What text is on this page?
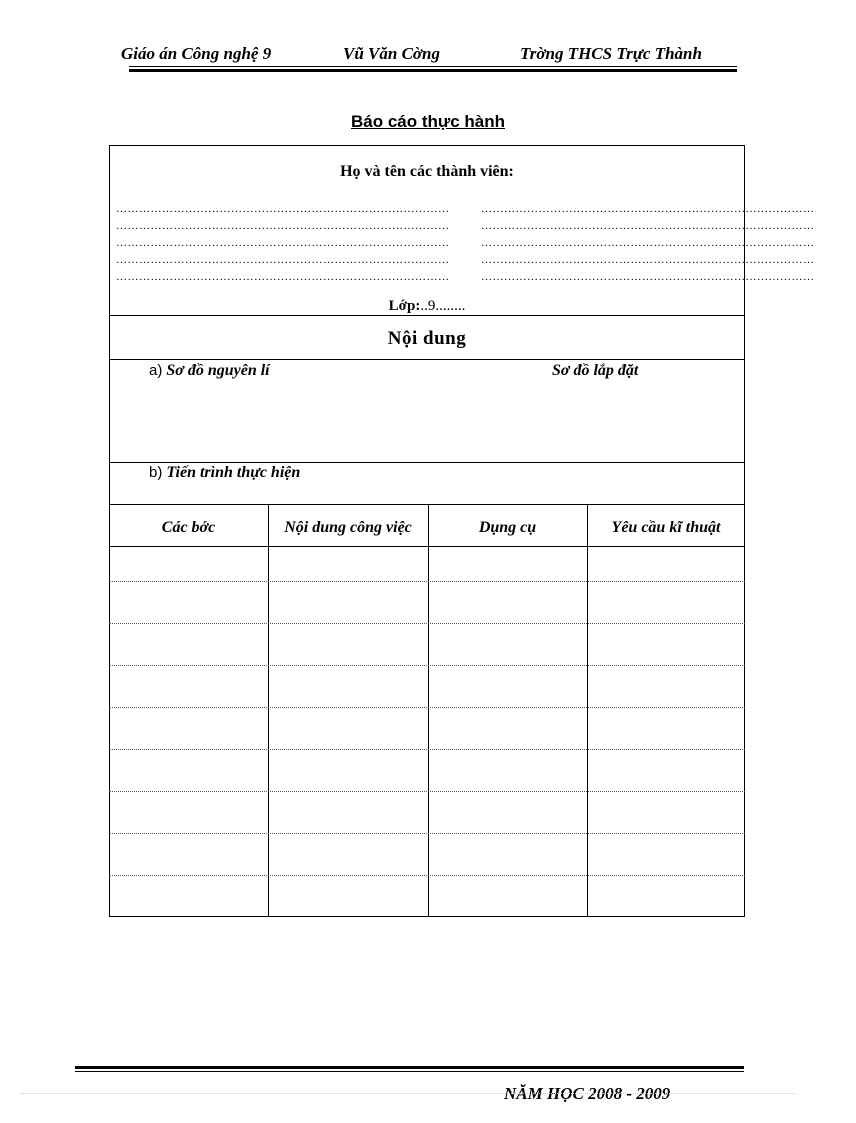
Giáo án Công nghệ 9	Vũ Văn Cờng	Trờng THCS Trực Thành
Báo cáo thực hành
Họ và tên các thành viên:
……………………………………………………………………………
……………………………………………………………………………
……………………………………………………………………………
……………………………………………………………………………
……………………………………………………………………………
……………………………………………………………………………
……………………………………………………………………………
……………………………………………………………………………
……………………………………………………………………………
……………………………………………………………………………
Lớp:..9........
Nội dung
a) Sơ đồ nguyên lí	Sơ đồ lắp đặt
b) Tiến trình thực hiện
Các bớc	Nội dung công việc	Dụng cụ	Yêu cầu kĩ thuật
NĂM HỌC 2008 - 2009
